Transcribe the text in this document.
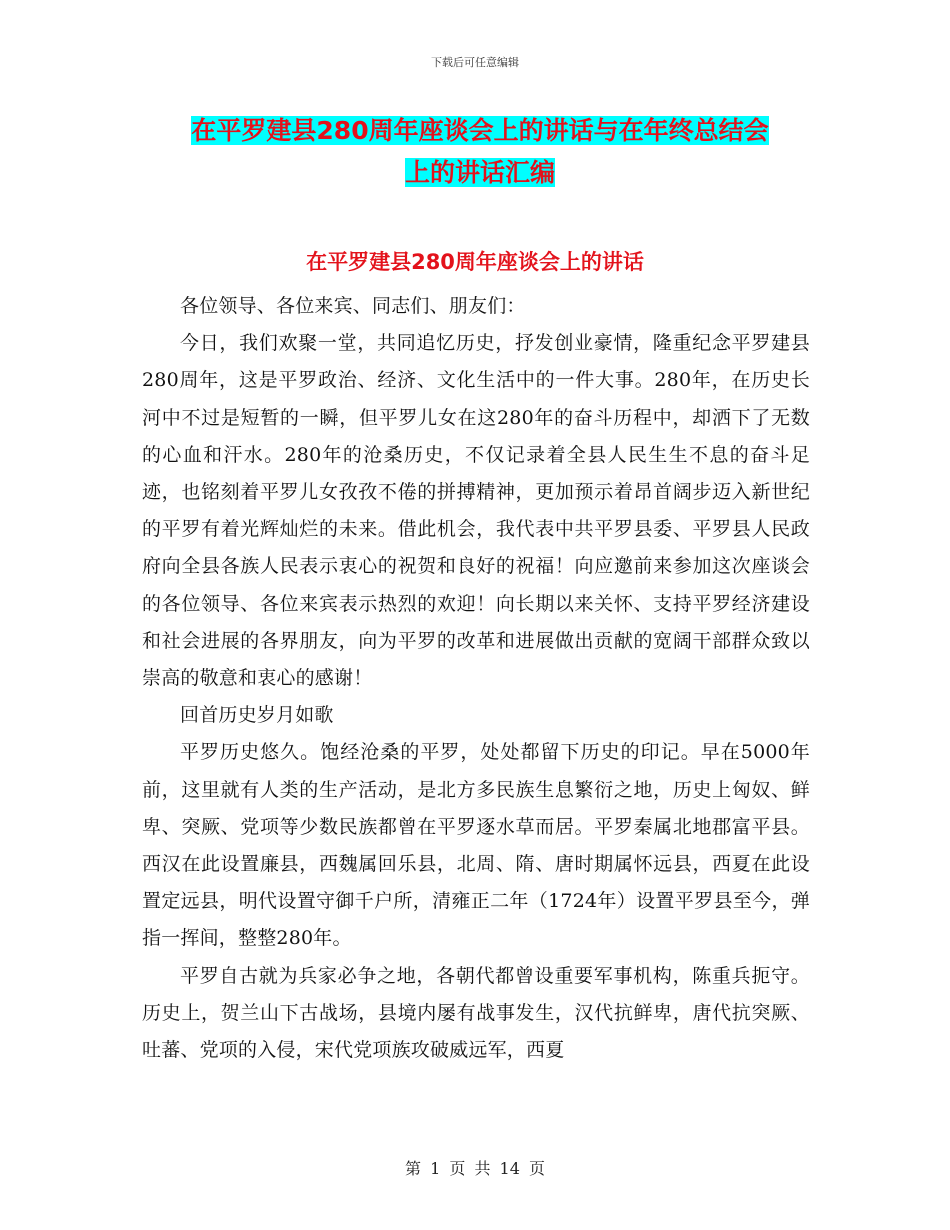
下载后可任意编辑
在平罗建县280周年座谈会上的讲话与在年终总结会
上的讲话汇编
在平罗建县280周年座谈会上的讲话

各位领导、各位来宾、同志们、朋友们：

今日，我们欢聚一堂，共同追忆历史，抒发创业豪情，隆重纪念平罗建县280周年，这是平罗政治、经济、文化生活中的一件大事。280年，在历史长河中不过是短暂的一瞬，但平罗儿女在这280年的奋斗历程中，却洒下了无数的心血和汗水。280年的沧桑历史，不仅记录着全县人民生生不息的奋斗足迹，也铭刻着平罗儿女孜孜不倦的拼搏精神，更加预示着昂首阔步迈入新世纪的平罗有着光辉灿烂的未来。借此机会，我代表中共平罗县委、平罗县人民政府向全县各族人民表示衷心的祝贺和良好的祝福！向应邀前来参加这次座谈会的各位领导、各位来宾表示热烈的欢迎！向长期以来关怀、支持平罗经济建设和社会进展的各界朋友，向为平罗的改革和进展做出贡献的宽阔干部群众致以崇高的敬意和衷心的感谢！

回首历史岁月如歌

平罗历史悠久。饱经沧桑的平罗，处处都留下历史的印记。早在5000年前，这里就有人类的生产活动，是北方多民族生息繁衍之地，历史上匈奴、鲜卑、突厥、党项等少数民族都曾在平罗逐水草而居。平罗秦属北地郡富平县。西汉在此设置廉县，西魏属回乐县，北周、隋、唐时期属怀远县，西夏在此设置定远县，明代设置守御千户所，清雍正二年（1724年）设置平罗县至今，弹指一挥间，整整280年。

平罗自古就为兵家必争之地，各朝代都曾设重要军事机构，陈重兵扼守。历史上，贺兰山下古战场，县境内屡有战事发生，汉代抗鲜卑，唐代抗突厥、吐蕃、党项的入侵，宋代党项族攻破威远军，西夏

第 1 页 共 14 页
